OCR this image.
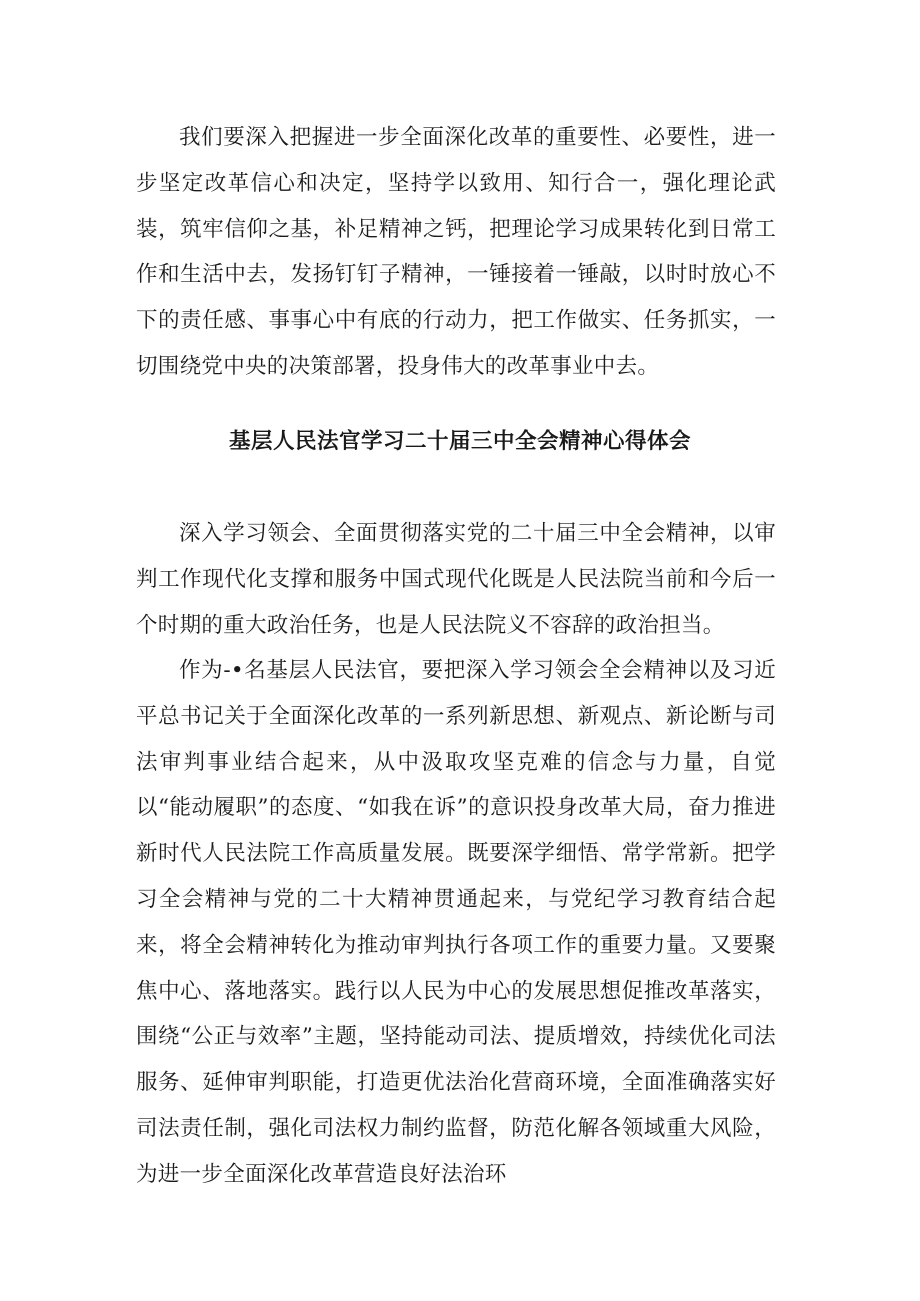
我们要深入把握进一步全面深化改革的重要性、必要性，进一步坚定改革信心和决定，坚持学以致用、知行合一，强化理论武装，筑牢信仰之基，补足精神之钙，把理论学习成果转化到日常工作和生活中去，发扬钉钉子精神，一锤接着一锤敲，以时时放心不下的责任感、事事心中有底的行动力，把工作做实、任务抓实，一切围绕党中央的决策部署，投身伟大的改革事业中去。

基层人民法官学习二十届三中全会精神心得体会

深入学习领会、全面贯彻落实党的二十届三中全会精神，以审判工作现代化支撑和服务中国式现代化既是人民法院当前和今后一个时期的重大政治任务，也是人民法院义不容辞的政治担当。

作为-•名基层人民法官，要把深入学习领会全会精神以及习近平总书记关于全面深化改革的一系列新思想、新观点、新论断与司法审判事业结合起来，从中汲取攻坚克难的信念与力量，自觉以“能动履职”的态度、“如我在诉”的意识投身改革大局，奋力推进新时代人民法院工作高质量发展。既要深学细悟、常学常新。把学习全会精神与党的二十大精神贯通起来，与党纪学习教育结合起来，将全会精神转化为推动审判执行各项工作的重要力量。又要聚焦中心、落地落实。践行以人民为中心的发展思想促推改革落实，围绕“公正与效率”主题，坚持能动司法、提质增效，持续优化司法服务、延伸审判职能，打造更优法治化营商环境，全面准确落实好司法责任制，强化司法权力制约监督，防范化解各领域重大风险，为进一步全面深化改革营造良好法治环
